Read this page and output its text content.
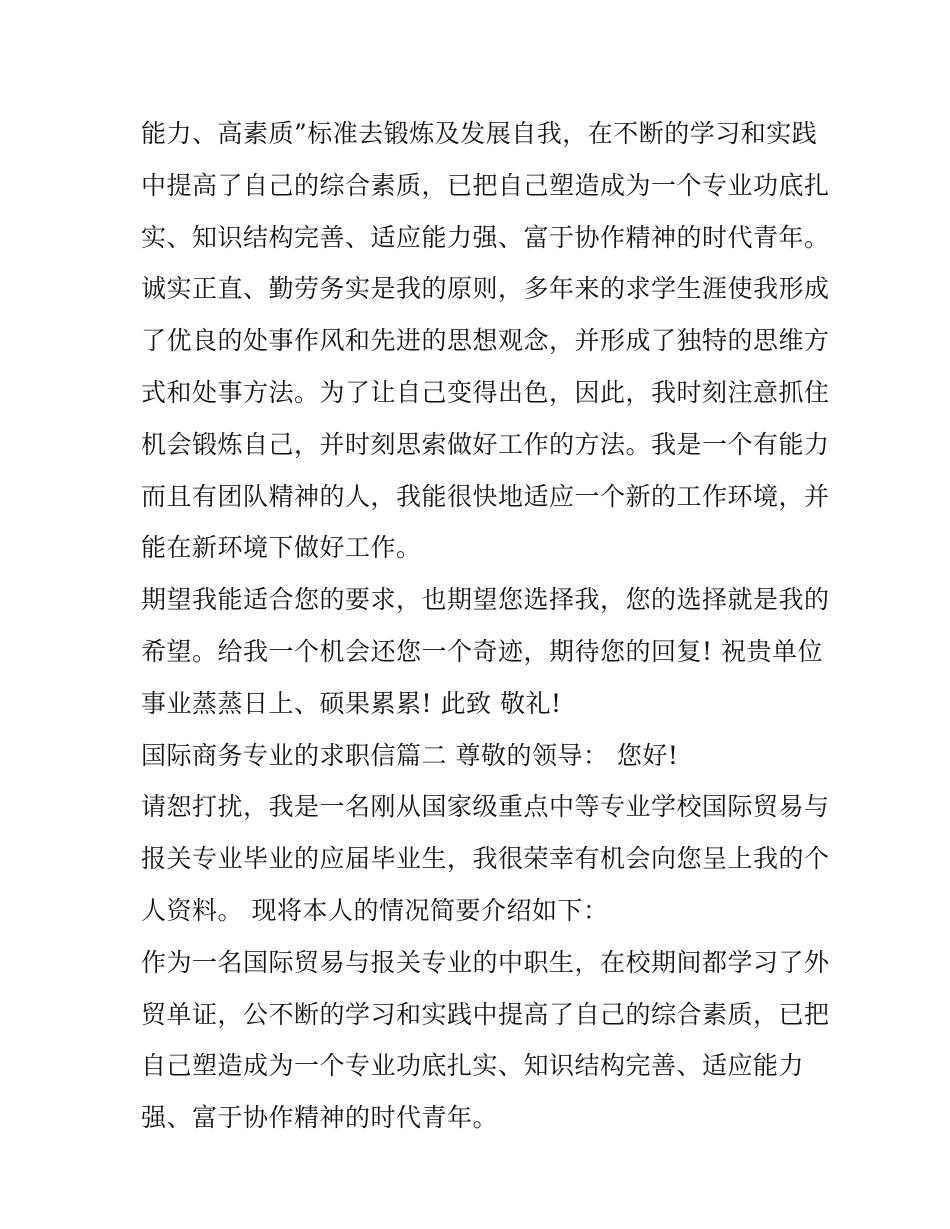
能力、高素质”标准去锻炼及发展自我，在不断的学习和实践
中提高了自己的综合素质，已把自己塑造成为一个专业功底扎
实、知识结构完善、适应能力强、富于协作精神的时代青年。
诚实正直、勤劳务实是我的原则，多年来的求学生涯使我形成
了优良的处事作风和先进的思想观念，并形成了独特的思维方
式和处事方法。为了让自己变得出色，因此，我时刻注意抓住
机会锻炼自己，并时刻思索做好工作的方法。我是一个有能力
而且有团队精神的人，我能很快地适应一个新的工作环境，并
能在新环境下做好工作。
期望我能适合您的要求，也期望您选择我，您的选择就是我的
希望。给我一个机会还您一个奇迹，期待您的回复! 祝贵单位
事业蒸蒸日上、硕果累累! 此致 敬礼!
国际商务专业的求职信篇二 尊敬的领导： 您好!
请恕打扰，我是一名刚从国家级重点中等专业学校国际贸易与
报关专业毕业的应届毕业生，我很荣幸有机会向您呈上我的个
人资料。 现将本人的情况简要介绍如下：
作为一名国际贸易与报关专业的中职生，在校期间都学习了外
贸单证，公不断的学习和实践中提高了自己的综合素质，已把
自己塑造成为一个专业功底扎实、知识结构完善、适应能力
强、富于协作精神的时代青年。
